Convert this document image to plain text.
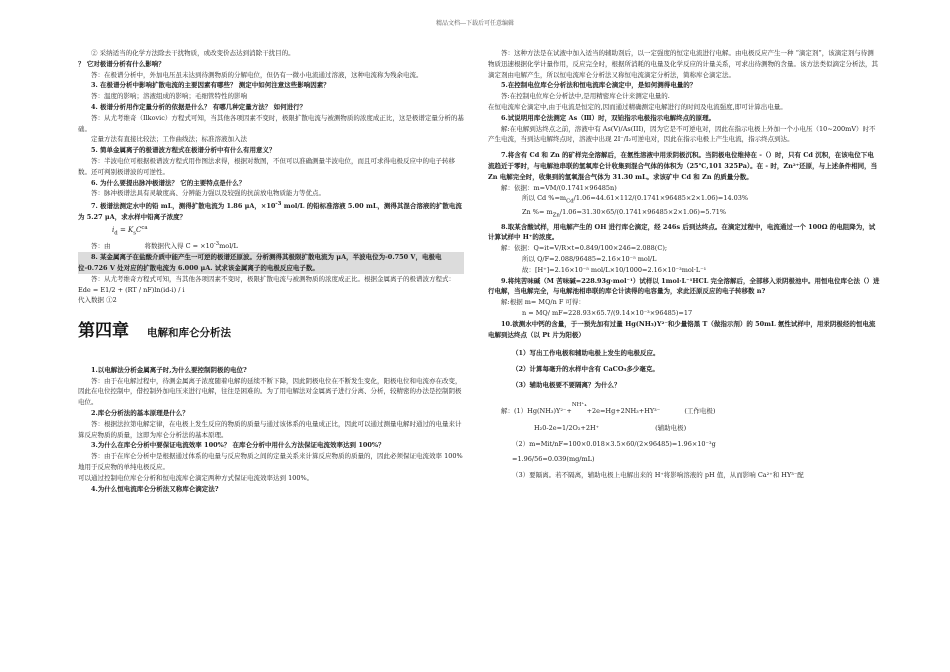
精品文档---下载后可任意编辑

② 采纳适当的化学方法除去干扰物质，或改变价态达到消除干扰目的。

？ 它对极谱分析有什么影响？

答：在极谱分析中，外加电压虽未达到待测物质的分解电位，但仍有一微小电流通过溶液，这种电流称为残余电流。

3. 在极谱分析中影响扩散电流的主要因素有哪些？ 测定中如何注意这些影响因素？

答：温度的影响；溶液组成的影响；毛细管特性的影响

4. 极谱分析用作定量分析的依据是什么？ 有哪几种定量方法？ 如何进行？

答：从尤考维奇（Ilkovic）方程式可知，当其他各项因素不变时，极限扩散电流与被测物质的浓度成正比，这是极谱定量分析的基础。

定量方法有直接比较法；工作曲线法；标准溶液加入法

5. 简单金属离子的极谱波方程式在极谱分析中有什么有用意义？

答：半波电位可根据极谱波方程式用作图法求得，根据对数图，不但可以准确测量半波电位，而且可求得电极反应中的电子转移数。还可判别极谱波的可逆性。

6. 为什么要提出脉冲极谱法？ 它的主要特点是什么？

答：脉冲极谱法具有灵敏度高、分辨能力强以及较强的抗前放电物质能力等优点。

7. 极谱法测定水中的铅 mL，测得扩散电流为 1.86 μA，$\times 10^{-3}$ mol/L 的铅标准溶液 5.00 mL，测得其混合溶液的扩散电流为 5.27 μA，求水样中铅离子浓度？

$i_d = K_sC^{ca}$

答：由	将数据代入得 $C = \times 10^{-3}mol/L$

8. 某金属离子在盐酸介质中能产生一可逆的极谱还原波。分析测得其极限扩散电流为 μA，半波电位为-0.750 V，电极电位-0.726 V 处对应的扩散电流为 6.000 μA. 试求该金属离子的电极反应电子数。

答：从尤考维奇方程式可知，当其他各项因素不变时，极限扩散电流与被测物质的浓度成正比。根据金属离子的极谱波方程式：

Ede = E1/2 + (RT / nF)ln(id-i) / i

代入数据 ①2

第四章 电解和库仑分析法

1.以电解法分析金属离子时,为什么要控制阴极的电位?

答：由于在电解过程中，待测金属离子浓度随着电解的延续不断下降，因此阴极电位在不断发生变化，阳极电位和电流亦在改变，因此在电位控制中，借控制外加电压来进行电解，往往是困难的。为了用电解法对金属离子进行分离、分析，较精密的办法是控制阴极电位。

2.库仑分析法的基本原理是什么？

答：根据法拉第电解定律，在电极上发生反应的物质的质量与通过该体系的电量成正比，因此可以通过测量电解时通过的电量来计算反应物质的质量，这即为库仑分析法的基本原理。

3.为什么在库仑分析中要保证电流效率 100%？ 在库仑分析中用什么方法保证电流效率达到 100%？

答：由于在库仑分析中是根据通过体系的电量与反应物质之间的定量关系来计算反应物质的质量的，因此必须保证电流效率 100%地用于反应物的单纯电极反应。

可以通过控制电位库仑分析和恒电流库仑滴定两种方式保证电流效率达到 100%。

4.为什么恒电流库仑分析法又称库仑滴定法?

答：这种方法是在试液中加入适当的辅助剂后，以一定强度的恒定电流进行电解。由电极反应产生一种 “滴定剂”，该滴定剂与待测物质迅速根据化学计量作用，反应完全时，根据所消耗的电量及化学反应的计量关系，可求出待测物的含量。该方法类似滴定分析法，其滴定剂由电解产生，所以恒电流库仑分析法又称恒电流滴定分析法，简称库仑滴定法。

5.在控制电位库仑分析法和恒电流库仑滴定中，是如何测得电量的？

答:在控制电位库仑分析法中,是用精密库仑计来测定电量的.

在恒电流库仑滴定中,由于电流是恒定的,因而通过精确测定电解进行的时间及电流强度,即可计算出电量。

6.试说明用库仑法测定 As（Ⅲ）时，双铂指示电极指示电解终点的原理。

解:在电解到达终点之前，溶液中有 As(V)/As(III)，因为它是不可逆电对，因此在指示电极上外加一个小电压（10~200mV）时不产生电流，当到达电解终点时，溶液中出现 2I⁻/I₂可逆电对，因此在指示电极上产生电流，指示终点到达。

7.将含有 Cd 和 Zn 的矿样完全溶解后，在氨性溶液中用汞阴极沉积。当阴极电位维持在 -（）时，只有 Cd 沉积，在该电位下电流趋近于零时，与电解池串联的氢氧库仑计收集到混合气体的体积为（25℃,101 325Pa）。在 - 时，Zn²⁺还原，与上述条件相同，当 Zn 电解完全时，收集到的氢氧混合气体为 31.30 mL。求该矿中 Cd 和 Zn 的质量分数。

解：依据：m=VM/(0.1741×96485n)

所以 Cd $\%=m_{Cd}/1.06=44.61\times 112/(0.1741\times 96485\times 2\times 1.06)=14.03\%$

Zn %= $m_{Zn}/1.06=31.30\times 65/(0.1741\times 96485\times 2\times 1.06)=5.71\%$

8.取某含酸试样，用电解产生的 OH 进行库仑滴定，经 246s 后到达终点。在滴定过程中，电流通过一个 100Ω 的电阻降为，试计算试样中 H⁺的浓度。

解：依据：Q=it=V/R×t=0.849/100×246=2.088(C);

所以 Q/F=2.088/96485=2.16×10⁻⁵ mol/L

故：[H⁺]=2.16×10⁻⁵ mol/L×10/1000=2.16×10⁻³mol·L⁻¹

9.将纯苦味碱（M 苦味碱=228.93g·mol⁻¹）试样以 1mol·L⁻¹HCL 完全溶解后，全部移入汞阴极池中。用恒电位库仑法（）进行电解，当电解完全，与电解池相串联的库仑计读得的电容量为，求此还原反应的电子转移数 n?

解:根据 m= MQ/n F 可得：

n = MQ/ mF=228.93×65.7/(9.14×10⁻³×96485)=17

10.欲测水中钙的含量，于一预先加有过量 Hg(NH₃)Y²⁻和少量铬黑 T（做指示剂）的 50mL 氨性试样中，用汞阴极经的恒电流电解到达终点（以 Pt 片为阳极）

（1）写出工作电极和辅助电极上发生的电极反应。

（2）计算每毫升的水样中含有 CaCO₃多少毫克。

（3）辅助电极要不要隔离？为什么？

解：(1）Hg(NH₃)Y²⁻+$^{NH^+_4}$+2e=Hg+2NH₃+HY³⁻	(工作电极)

H₂0-2e=1/2O₂+2H⁺	(辅助电极)

（2）m=Mit/nF=100×0.018×3.5×60/(2×96485)=1.96×10⁻³g

=1.96/56=0.039(mg/mL)

（3）要隔离。若不隔离，辅助电极上电解出来的 H⁺将影响溶液的 pH 值，从而影响 Ca²⁺和 HY³⁻配
